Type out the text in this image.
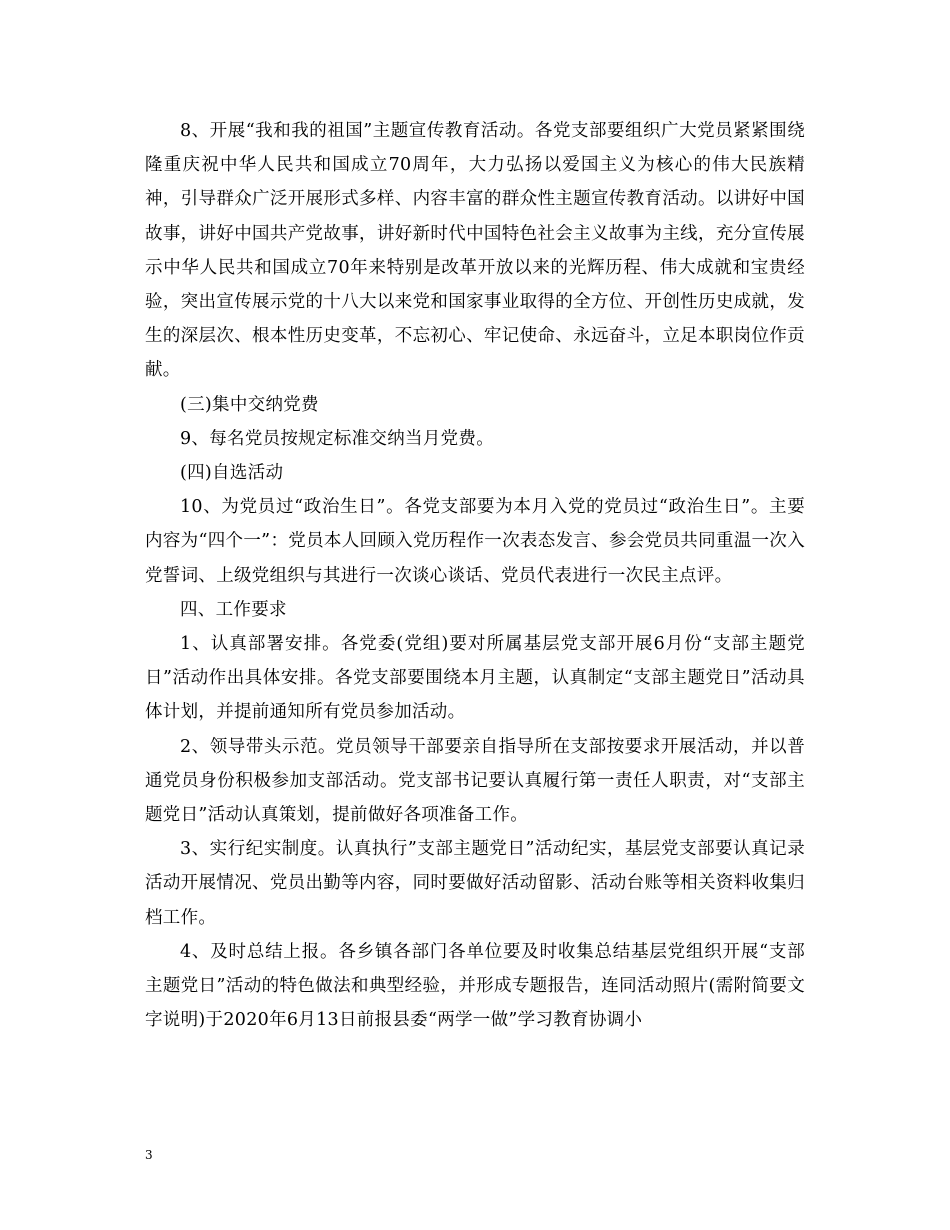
8、开展“我和我的祖国”主题宣传教育活动。各党支部要组织广大党员紧紧围绕隆重庆祝中华人民共和国成立70周年，大力弘扬以爱国主义为核心的伟大民族精神，引导群众广泛开展形式多样、内容丰富的群众性主题宣传教育活动。以讲好中国故事，讲好中国共产党故事，讲好新时代中国特色社会主义故事为主线，充分宣传展示中华人民共和国成立70年来特别是改革开放以来的光辉历程、伟大成就和宝贵经验，突出宣传展示党的十八大以来党和国家事业取得的全方位、开创性历史成就，发生的深层次、根本性历史变革，不忘初心、牢记使命、永远奋斗，立足本职岗位作贡献。

(三)集中交纳党费

9、每名党员按规定标准交纳当月党费。

(四)自选活动

10、为党员过“政治生日”。各党支部要为本月入党的党员过“政治生日”。主要内容为“四个一”：党员本人回顾入党历程作一次表态发言、参会党员共同重温一次入党誓词、上级党组织与其进行一次谈心谈话、党员代表进行一次民主点评。

四、工作要求

1、认真部署安排。各党委(党组)要对所属基层党支部开展6月份“支部主题党日”活动作出具体安排。各党支部要围绕本月主题，认真制定“支部主题党日”活动具体计划，并提前通知所有党员参加活动。

2、领导带头示范。党员领导干部要亲自指导所在支部按要求开展活动，并以普通党员身份积极参加支部活动。党支部书记要认真履行第一责任人职责，对“支部主题党日”活动认真策划，提前做好各项准备工作。

3、实行纪实制度。认真执行”支部主题党日”活动纪实，基层党支部要认真记录活动开展情况、党员出勤等内容，同时要做好活动留影、活动台账等相关资料收集归档工作。

4、及时总结上报。各乡镇各部门各单位要及时收集总结基层党组织开展“支部主题党日”活动的特色做法和典型经验，并形成专题报告，连同活动照片(需附简要文字说明)于2020年6月13日前报县委“两学一做”学习教育协调小

3
